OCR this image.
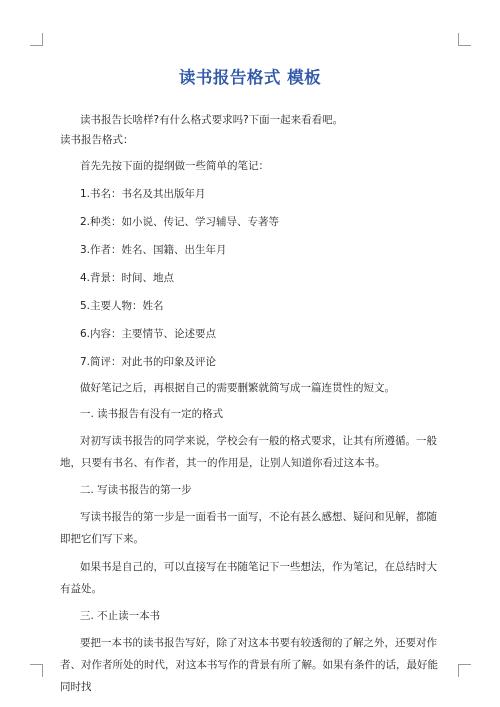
读书报告格式 模板

读书报告长啥样?有什么格式要求吗?下面一起来看看吧。

读书报告格式：

首先先按下面的提纲做一些简单的笔记：

1.书名：书名及其出版年月

2.种类：如小说、传记、学习辅导、专著等

3.作者：姓名、国籍、出生年月

4.背景：时间、地点

5.主要人物：姓名

6.内容：主要情节、论述要点

7.简评：对此书的印象及评论

做好笔记之后，再根据自己的需要删繁就简写成一篇连贯性的短文。

一. 读书报告有没有一定的格式

对初写读书报告的同学来说，学校会有一般的格式要求，让其有所遵循。一般地，只要有书名、有作者，其一的作用是，让别人知道你看过这本书。

二. 写读书报告的第一步

写读书报告的第一步是一面看书一面写，不论有甚么感想、疑问和见解，都随即把它们写下来。

如果书是自己的，可以直接写在书随笔记下一些想法，作为笔记，在总结时大有益处。

三. 不止读一本书

要把一本书的读书报告写好，除了对这本书要有较透彻的了解之外，还要对作者、对作者所处的时代，对这本书写作的背景有所了解。如果有条件的话，最好能同时找
